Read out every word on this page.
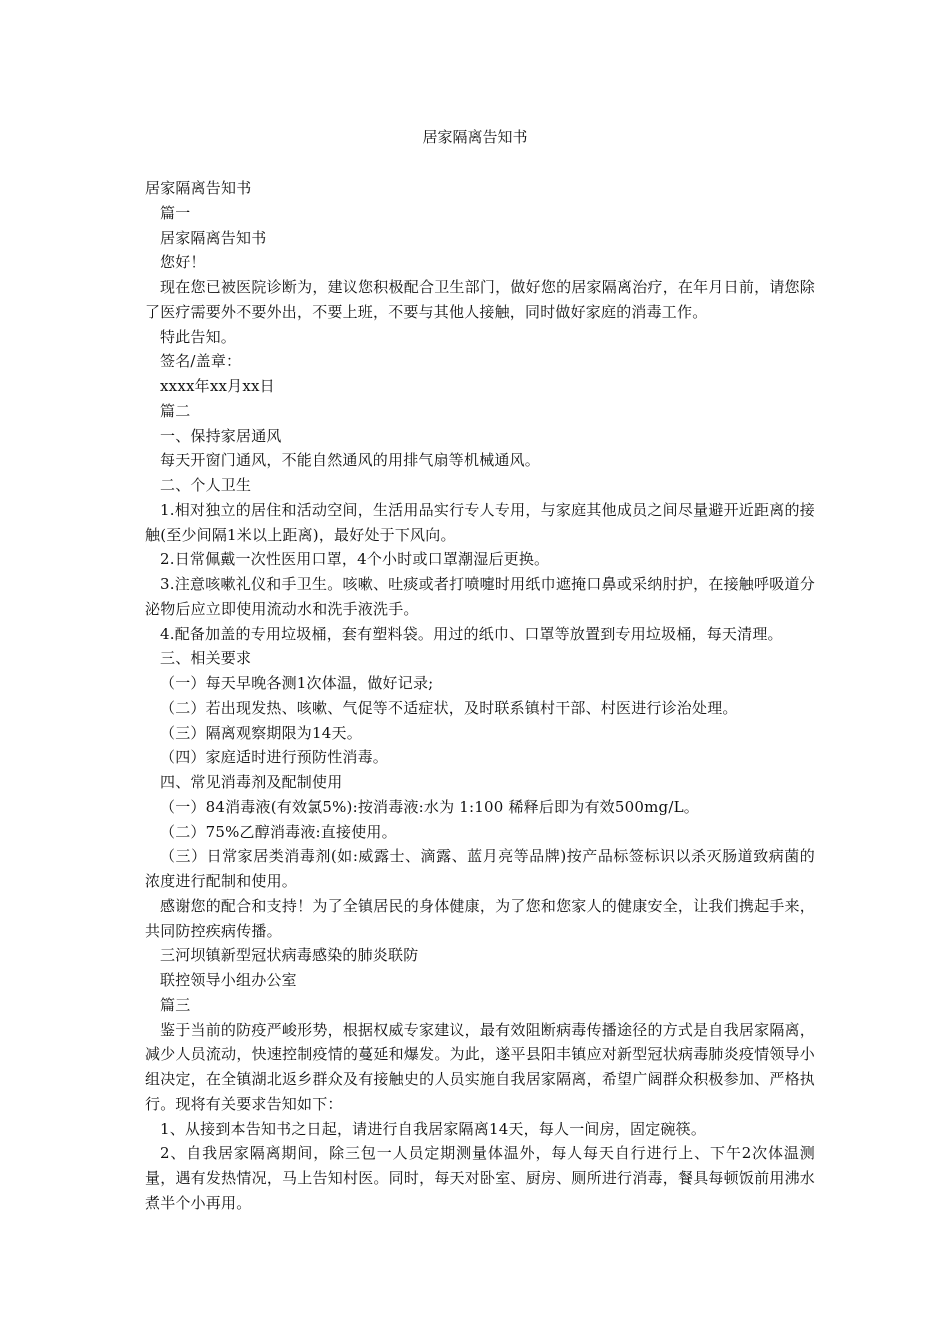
居家隔离告知书

居家隔离告知书

篇一

居家隔离告知书

您好！

现在您已被医院诊断为，建议您积极配合卫生部门，做好您的居家隔离治疗，在年月日前，请您除了医疗需要外不要外出，不要上班，不要与其他人接触，同时做好家庭的消毒工作。

特此告知。

签名/盖章：

xxxx年xx月xx日

篇二

一、保持家居通风

每天开窗门通风，不能自然通风的用排气扇等机械通风。

二、个人卫生

1.相对独立的居住和活动空间，生活用品实行专人专用，与家庭其他成员之间尽量避开近距离的接触(至少间隔1米以上距离)，最好处于下风向。

2.日常佩戴一次性医用口罩，4个小时或口罩潮湿后更换。

3.注意咳嗽礼仪和手卫生。咳嗽、吐痰或者打喷嚏时用纸巾遮掩口鼻或采纳肘护，在接触呼吸道分泌物后应立即使用流动水和洗手液洗手。

4.配备加盖的专用垃圾桶，套有塑料袋。用过的纸巾、口罩等放置到专用垃圾桶，每天清理。

三、相关要求

（一）每天早晚各测1次体温，做好记录;

（二）若出现发热、咳嗽、气促等不适症状，及时联系镇村干部、村医进行诊治处理。

（三）隔离观察期限为14天。

（四）家庭适时进行预防性消毒。

四、常见消毒剂及配制使用

（一）84消毒液(有效氯5%):按消毒液:水为 1:100 稀释后即为有效500mg/L。

（二）75%乙醇消毒液:直接使用。

（三）日常家居类消毒剂(如:威露士、滴露、蓝月亮等品牌)按产品标签标识以杀灭肠道致病菌的浓度进行配制和使用。

感谢您的配合和支持！为了全镇居民的身体健康，为了您和您家人的健康安全，让我们携起手来，共同防控疾病传播。

三河坝镇新型冠状病毒感染的肺炎联防

联控领导小组办公室

篇三

鉴于当前的防疫严峻形势，根据权威专家建议，最有效阻断病毒传播途径的方式是自我居家隔离，减少人员流动，快速控制疫情的蔓延和爆发。为此，遂平县阳丰镇应对新型冠状病毒肺炎疫情领导小组决定，在全镇湖北返乡群众及有接触史的人员实施自我居家隔离，希望广阔群众积极参加、严格执行。现将有关要求告知如下：

1、从接到本告知书之日起，请进行自我居家隔离14天，每人一间房，固定碗筷。

2、自我居家隔离期间，除三包一人员定期测量体温外，每人每天自行进行上、下午2次体温测量，遇有发热情况，马上告知村医。同时，每天对卧室、厨房、厕所进行消毒，餐具每顿饭前用沸水煮半个小再用。
